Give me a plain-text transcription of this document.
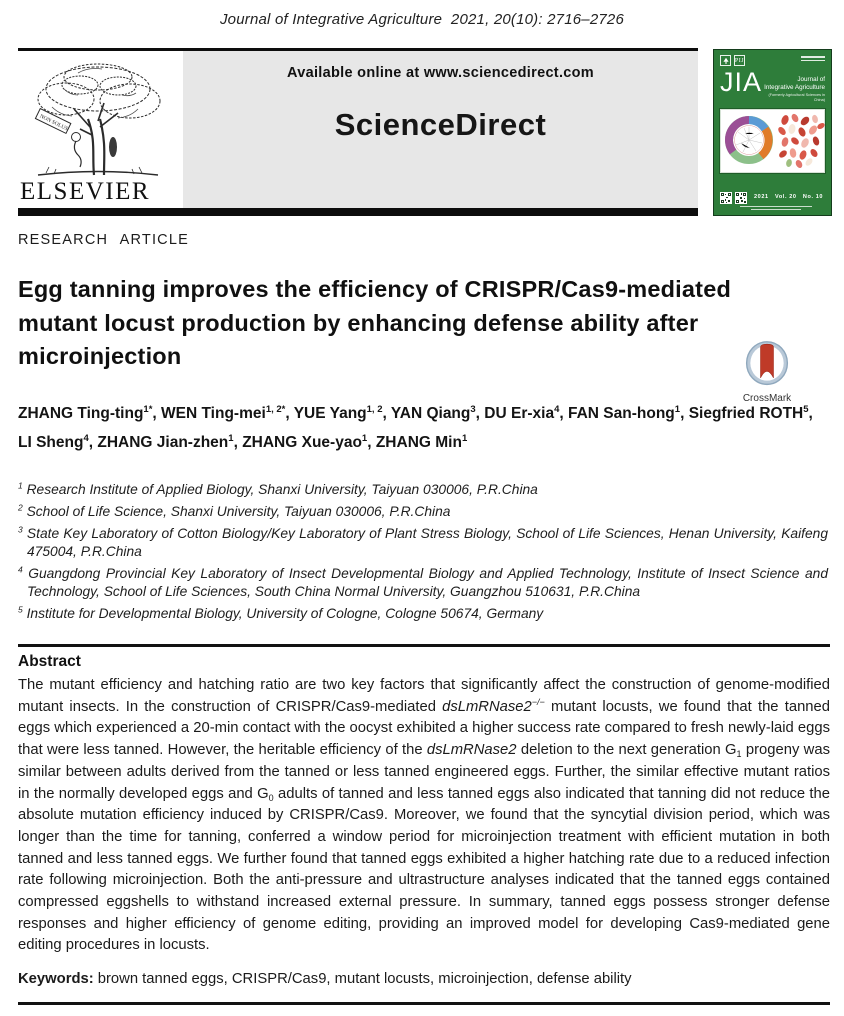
Journal of Integrative Agriculture  2021, 20(10): 2716–2726
NON SOLUS
ELSEVIER
Available online at www.sciencedirect.com
ScienceDirect
PIJ
JIA	Journal of
Integrative Agriculture
(Formerly Agricultural Sciences in China)
2021   Vol. 20   No. 10
RESEARCH ARTICLE
Egg tanning improves the efficiency of CRISPR/Cas9-mediated
mutant locust production by enhancing defense ability after
microinjection
CrossMark
ZHANG Ting-ting$^{1*}$, WEN Ting-mei$^{1, 2*}$, YUE Yang$^{1, 2}$, YAN Qiang$^3$, DU Er-xia$^4$, FAN San-hong$^1$, Siegfried ROTH$^5$, LI Sheng$^4$, ZHANG Jian-zhen$^1$, ZHANG Xue-yao$^1$, ZHANG Min$^1$
$^1$ Research Institute of Applied Biology, Shanxi University, Taiyuan 030006, P.R.China
$^2$ School of Life Science, Shanxi University, Taiyuan 030006, P.R.China
$^3$ State Key Laboratory of Cotton Biology/Key Laboratory of Plant Stress Biology, School of Life Sciences, Henan University, Kaifeng 475004, P.R.China
$^4$ Guangdong Provincial Key Laboratory of Insect Developmental Biology and Applied Technology, Institute of Insect Science and Technology, School of Life Sciences, South China Normal University, Guangzhou 510631, P.R.China
$^5$ Institute for Developmental Biology, University of Cologne, Cologne 50674, Germany
Abstract
The mutant efficiency and hatching ratio are two key factors that significantly affect the construction of genome-modified mutant insects. In the construction of CRISPR/Cas9-mediated dsLmRNase2−/− mutant locusts, we found that the tanned eggs which experienced a 20-min contact with the oocyst exhibited a higher success rate compared to fresh newly-laid eggs that were less tanned. However, the heritable efficiency of the dsLmRNase2 deletion to the next generation $G_1$ progeny was similar between adults derived from the tanned or less tanned engineered eggs. Further, the similar effective mutant ratios in the normally developed eggs and $G_0$ adults of tanned and less tanned eggs also indicated that tanning did not reduce the absolute mutation efficiency induced by CRISPR/Cas9. Moreover, we found that the syncytial division period, which was longer than the time for tanning, conferred a window period for microinjection treatment with efficient mutation in both tanned and less tanned eggs. We further found that tanned eggs exhibited a higher hatching rate due to a reduced infection rate following microinjection. Both the anti-pressure and ultrastructure analyses indicated that the tanned eggs contained compressed eggshells to withstand increased external pressure. In summary, tanned eggs possess stronger defense responses and higher efficiency of genome editing, providing an improved model for developing Cas9-mediated gene editing procedures in locusts.
Keywords: brown tanned eggs, CRISPR/Cas9, mutant locusts, microinjection, defense ability
